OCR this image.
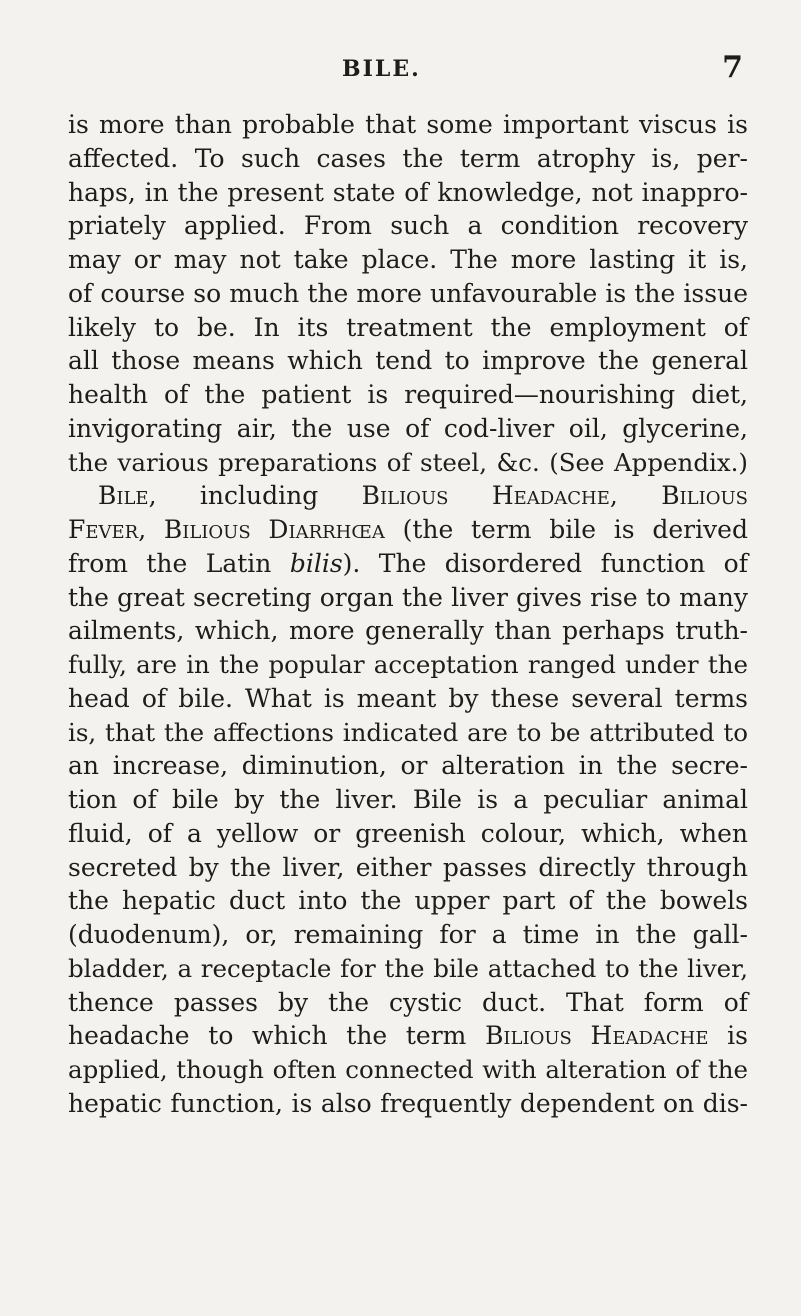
BILE.	7
is more than probable that some important viscus is
affected. To such cases the term atrophy is, per-
haps, in the present state of knowledge, not inappro-
priately applied. From such a condition recovery
may or may not take place. The more lasting it is,
of course so much the more unfavourable is the issue
likely to be. In its treatment the employment of
all those means which tend to improve the general
health of the patient is required—nourishing diet,
invigorating air, the use of cod-liver oil, glycerine,
the various preparations of steel, &c. (See Appendix.)
Bile, including Bilious Headache, Bilious
Fever, Bilious Diarrhœa (the term bile is derived
from the Latin bilis). The disordered function of
the great secreting organ the liver gives rise to many
ailments, which, more generally than perhaps truth-
fully, are in the popular acceptation ranged under the
head of bile. What is meant by these several terms
is, that the affections indicated are to be attributed to
an increase, diminution, or alteration in the secre-
tion of bile by the liver. Bile is a peculiar animal
fluid, of a yellow or greenish colour, which, when
secreted by the liver, either passes directly through
the hepatic duct into the upper part of the bowels
(duodenum), or, remaining for a time in the gall-
bladder, a receptacle for the bile attached to the liver,
thence passes by the cystic duct. That form of
headache to which the term Bilious Headache is
applied, though often connected with alteration of the
hepatic function, is also frequently dependent on dis-
